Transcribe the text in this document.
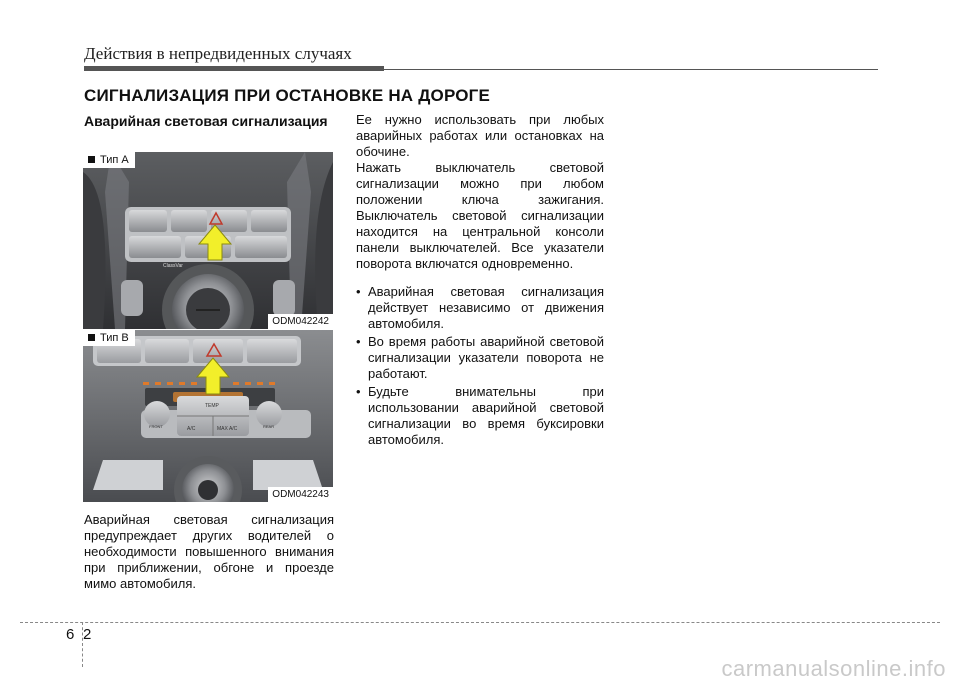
Действия в непредвиденных случаях
СИГНАЛИЗАЦИЯ ПРИ ОСТАНОВКЕ НА ДОРОГЕ
Аварийная световая сигнализация
ClassVar
Тип A
ODM042242
TEMP
A/C	MAX A/C
FRONT	REAR
Тип B
ODM042243

Аварийная световая сигнализация предупреждает других водителей о необходимости повышенного внимания при приближении, обгоне и проезде мимо автомобиля.

Ее нужно использовать при любых аварийных работах или остановках на обочине.

Нажать выключатель световой сигнализации можно при любом положении ключа зажигания. Выключатель световой сигнализации находится на центральной консоли панели выключателей. Все указатели поворота включатся одновременно.

• Аварийная световая сигнализация действует независимо от движения автомобиля.
• Во время работы аварийной световой сигнализации указатели поворота не работают.
• Будьте внимательны при использовании аварийной световой сигнализации во время буксировки автомобиля.
6 2
carmanualsonline.info
